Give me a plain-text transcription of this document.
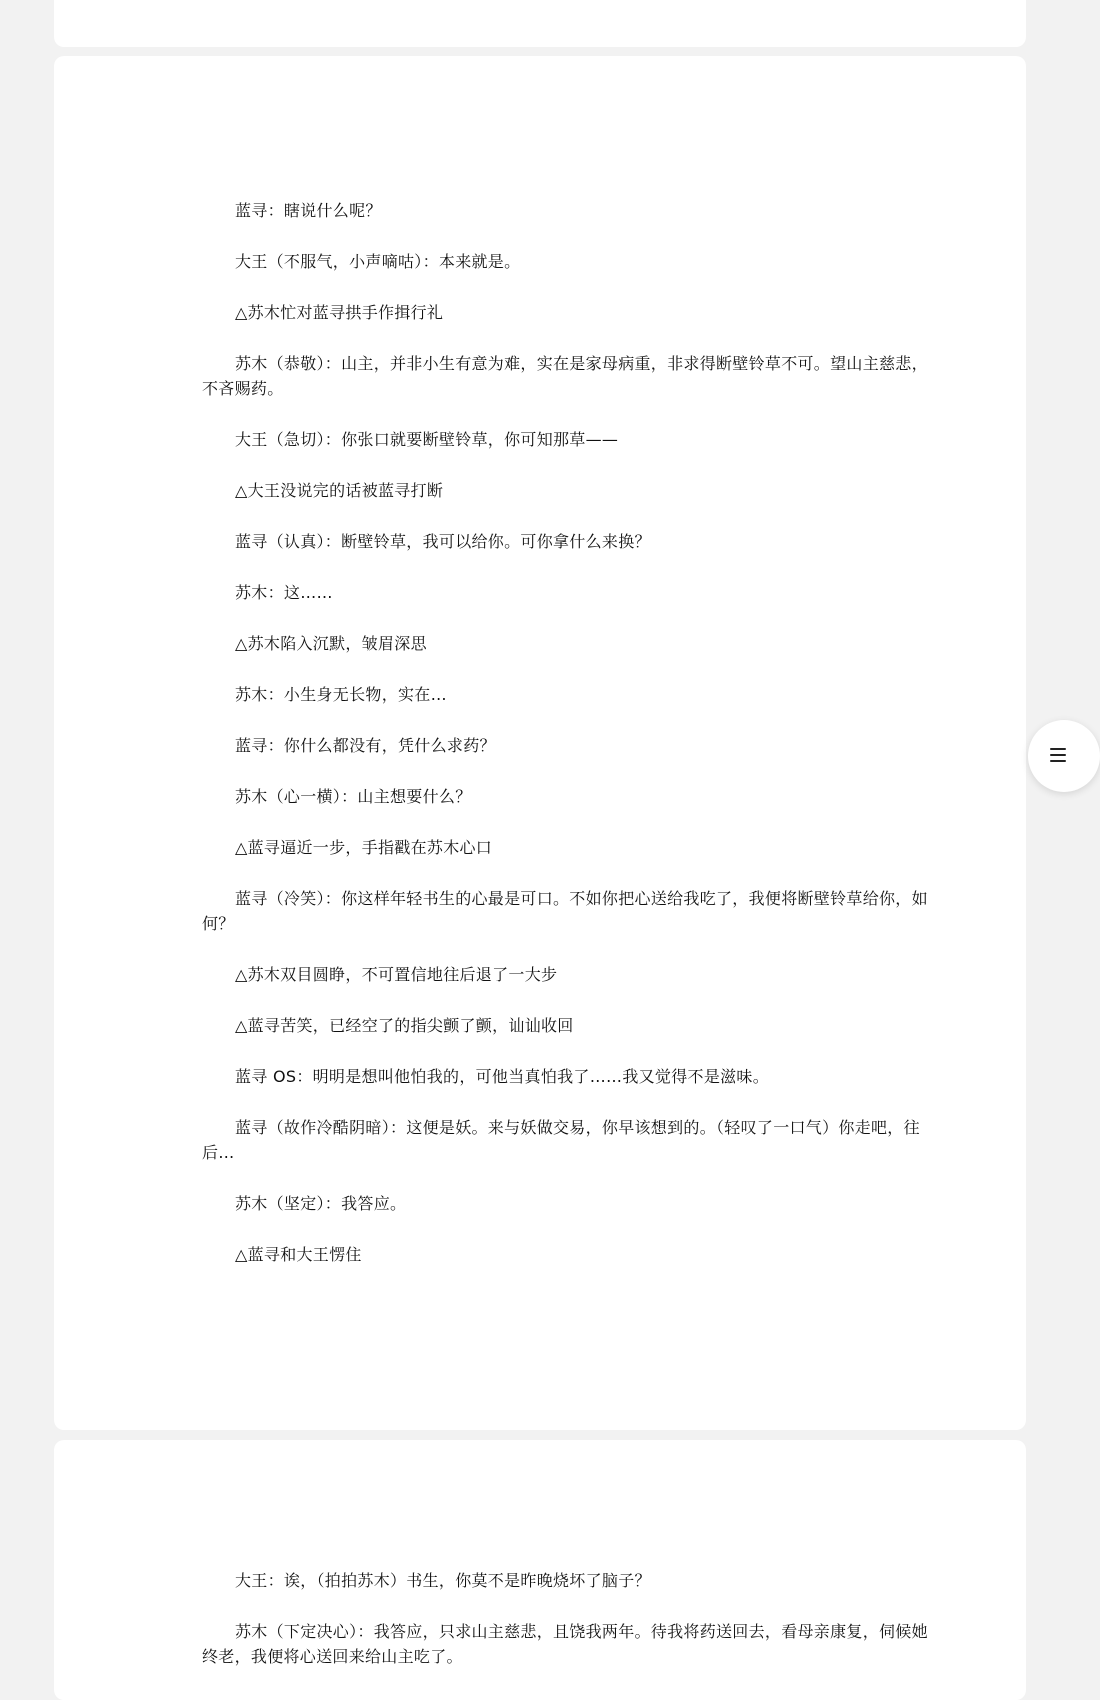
蓝寻：瞎说什么呢？

大王（不服气，小声嘀咕）：本来就是。

△苏木忙对蓝寻拱手作揖行礼

苏木（恭敬）：山主，并非小生有意为难，实在是家母病重，非求得断壁铃草不可。望山主慈悲，不吝赐药。

大王（急切）：你张口就要断壁铃草，你可知那草——

△大王没说完的话被蓝寻打断

蓝寻（认真）：断壁铃草，我可以给你。可你拿什么来换？

苏木：这……

△苏木陷入沉默，皱眉深思

苏木：小生身无长物，实在…

蓝寻：你什么都没有，凭什么求药？

苏木（心一横）：山主想要什么？

△蓝寻逼近一步，手指戳在苏木心口

蓝寻（冷笑）：你这样年轻书生的心最是可口。不如你把心送给我吃了，我便将断壁铃草给你，如何？

△苏木双目圆睁，不可置信地往后退了一大步

△蓝寻苦笑，已经空了的指尖颤了颤，讪讪收回

蓝寻 OS：明明是想叫他怕我的，可他当真怕我了……我又觉得不是滋味。

蓝寻（故作冷酷阴暗）：这便是妖。来与妖做交易，你早该想到的。（轻叹了一口气）你走吧，往后…

苏木（坚定）：我答应。

△蓝寻和大王愣住

大王：诶，（拍拍苏木）书生，你莫不是昨晚烧坏了脑子？

苏木（下定决心）：我答应，只求山主慈悲，且饶我两年。待我将药送回去，看母亲康复，伺候她终老，我便将心送回来给山主吃了。
